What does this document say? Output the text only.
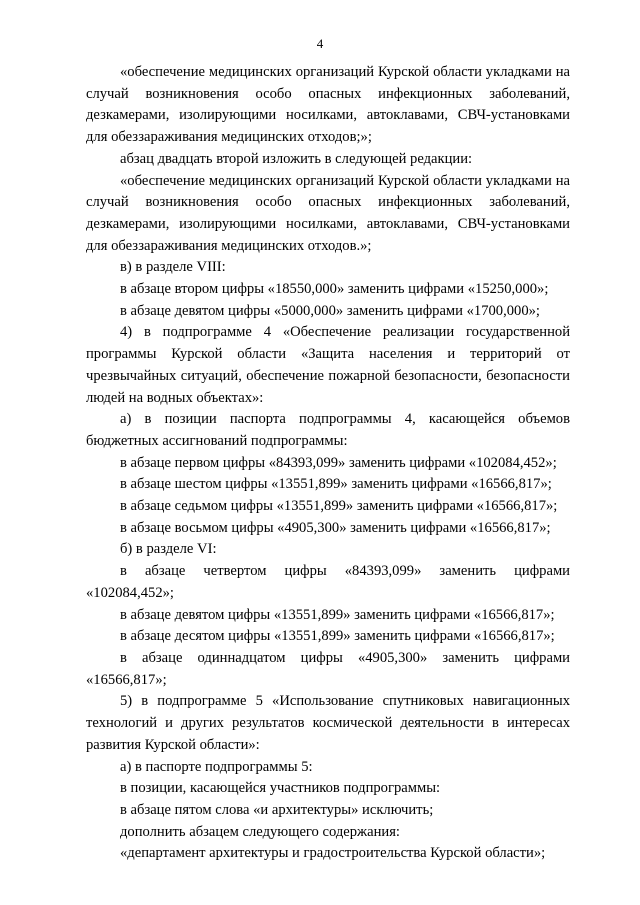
4

«обеспечение медицинских организаций Курской области укладками на случай возникновения особо опасных инфекционных заболеваний, дезкамерами, изолирующими носилками, автоклавами, СВЧ-установками для обеззараживания медицинских отходов;»;

абзац двадцать второй изложить в следующей редакции:

«обеспечение медицинских организаций Курской области укладками на случай возникновения особо опасных инфекционных заболеваний, дезкамерами, изолирующими носилками, автоклавами, СВЧ-установками для обеззараживания медицинских отходов.»;

в) в разделе VIII:

в абзаце втором цифры «18550,000» заменить цифрами «15250,000»;

в абзаце девятом цифры «5000,000» заменить цифрами «1700,000»;

4) в подпрограмме 4 «Обеспечение реализации государственной программы Курской области «Защита населения и территорий от чрезвычайных ситуаций, обеспечение пожарной безопасности, безопасности людей на водных объектах»:

а) в позиции паспорта подпрограммы 4, касающейся объемов бюджетных ассигнований подпрограммы:

в абзаце первом цифры «84393,099» заменить цифрами «102084,452»;

в абзаце шестом цифры «13551,899» заменить цифрами «16566,817»;

в абзаце седьмом цифры «13551,899» заменить цифрами «16566,817»;

в абзаце восьмом цифры «4905,300» заменить цифрами «16566,817»;

б) в разделе VI:

в абзаце четвертом цифры «84393,099» заменить цифрами «102084,452»;

в абзаце девятом цифры «13551,899» заменить цифрами «16566,817»;

в абзаце десятом цифры «13551,899» заменить цифрами «16566,817»;

в абзаце одиннадцатом цифры «4905,300» заменить цифрами «16566,817»;

5) в подпрограмме 5 «Использование спутниковых навигационных технологий и других результатов космической деятельности в интересах развития Курской области»:

а) в паспорте подпрограммы 5:

в позиции, касающейся участников подпрограммы:

в абзаце пятом слова «и архитектуры» исключить;

дополнить абзацем следующего содержания:

«департамент архитектуры и градостроительства Курской области»;
